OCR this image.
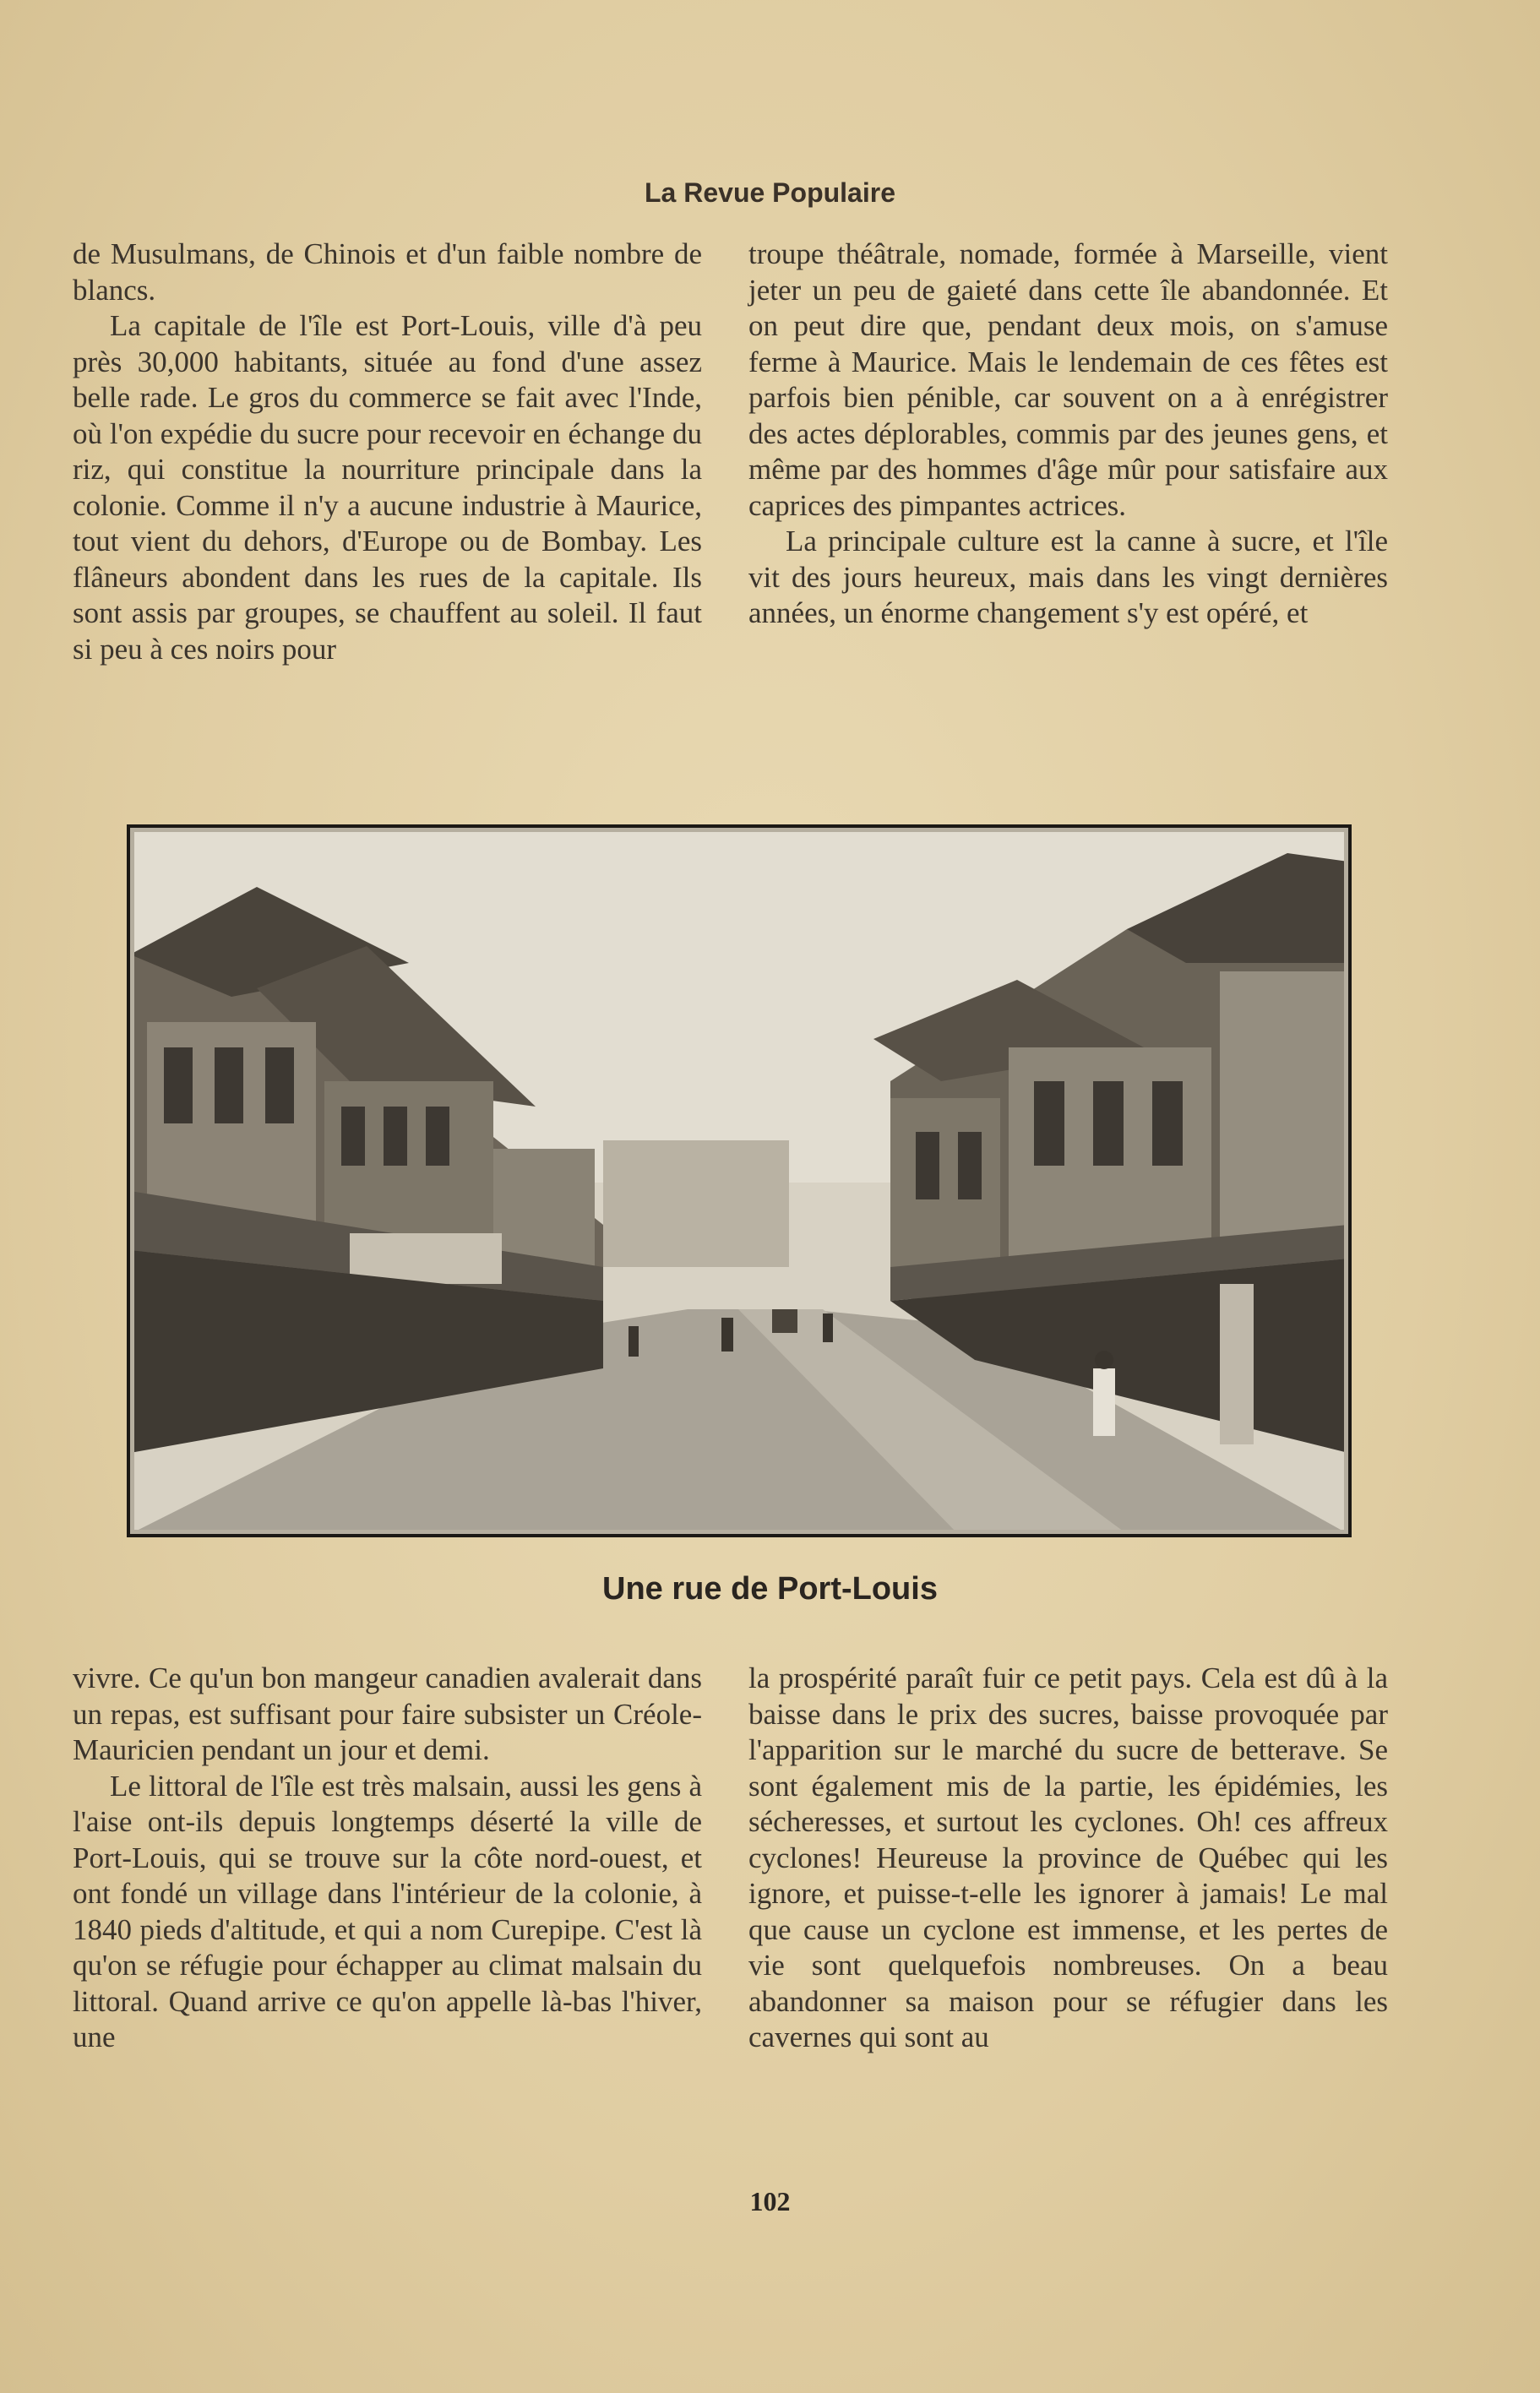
La Revue Populaire

de Musulmans, de Chinois et d'un faible nombre de blancs.

La capitale de l'île est Port-Louis, ville d'à peu près 30,000 habitants, située au fond d'une assez belle rade. Le gros du commerce se fait avec l'Inde, où l'on expédie du sucre pour recevoir en échange du riz, qui constitue la nourriture principale dans la colonie. Comme il n'y a aucune industrie à Maurice, tout vient du dehors, d'Europe ou de Bombay. Les flâneurs abondent dans les rues de la capitale. Ils sont assis par groupes, se chauffent au soleil. Il faut si peu à ces noirs pour

troupe théâtrale, nomade, formée à Marseille, vient jeter un peu de gaieté dans cette île abandonnée. Et on peut dire que, pendant deux mois, on s'amuse ferme à Maurice. Mais le lendemain de ces fêtes est parfois bien pénible, car souvent on a à enrégistrer des actes déplorables, commis par des jeunes gens, et même par des hommes d'âge mûr pour satisfaire aux caprices des pimpantes actrices.

La principale culture est la canne à sucre, et l'île vit des jours heureux, mais dans les vingt dernières années, un énorme changement s'y est opéré, et

Une rue de Port-Louis

vivre. Ce qu'un bon mangeur canadien avalerait dans un repas, est suffisant pour faire subsister un Créole-Mauricien pendant un jour et demi.

Le littoral de l'île est très malsain, aussi les gens à l'aise ont-ils depuis longtemps déserté la ville de Port-Louis, qui se trouve sur la côte nord-ouest, et ont fondé un village dans l'intérieur de la colonie, à 1840 pieds d'altitude, et qui a nom Curepipe. C'est là qu'on se réfugie pour échapper au climat malsain du littoral. Quand arrive ce qu'on appelle là-bas l'hiver, une

la prospérité paraît fuir ce petit pays. Cela est dû à la baisse dans le prix des sucres, baisse provoquée par l'apparition sur le marché du sucre de betterave. Se sont également mis de la partie, les épidémies, les sécheresses, et surtout les cyclones. Oh! ces affreux cyclones! Heureuse la province de Québec qui les ignore, et puisse-t-elle les ignorer à jamais! Le mal que cause un cyclone est immense, et les pertes de vie sont quelquefois nombreuses. On a beau abandonner sa maison pour se réfugier dans les cavernes qui sont au

102
